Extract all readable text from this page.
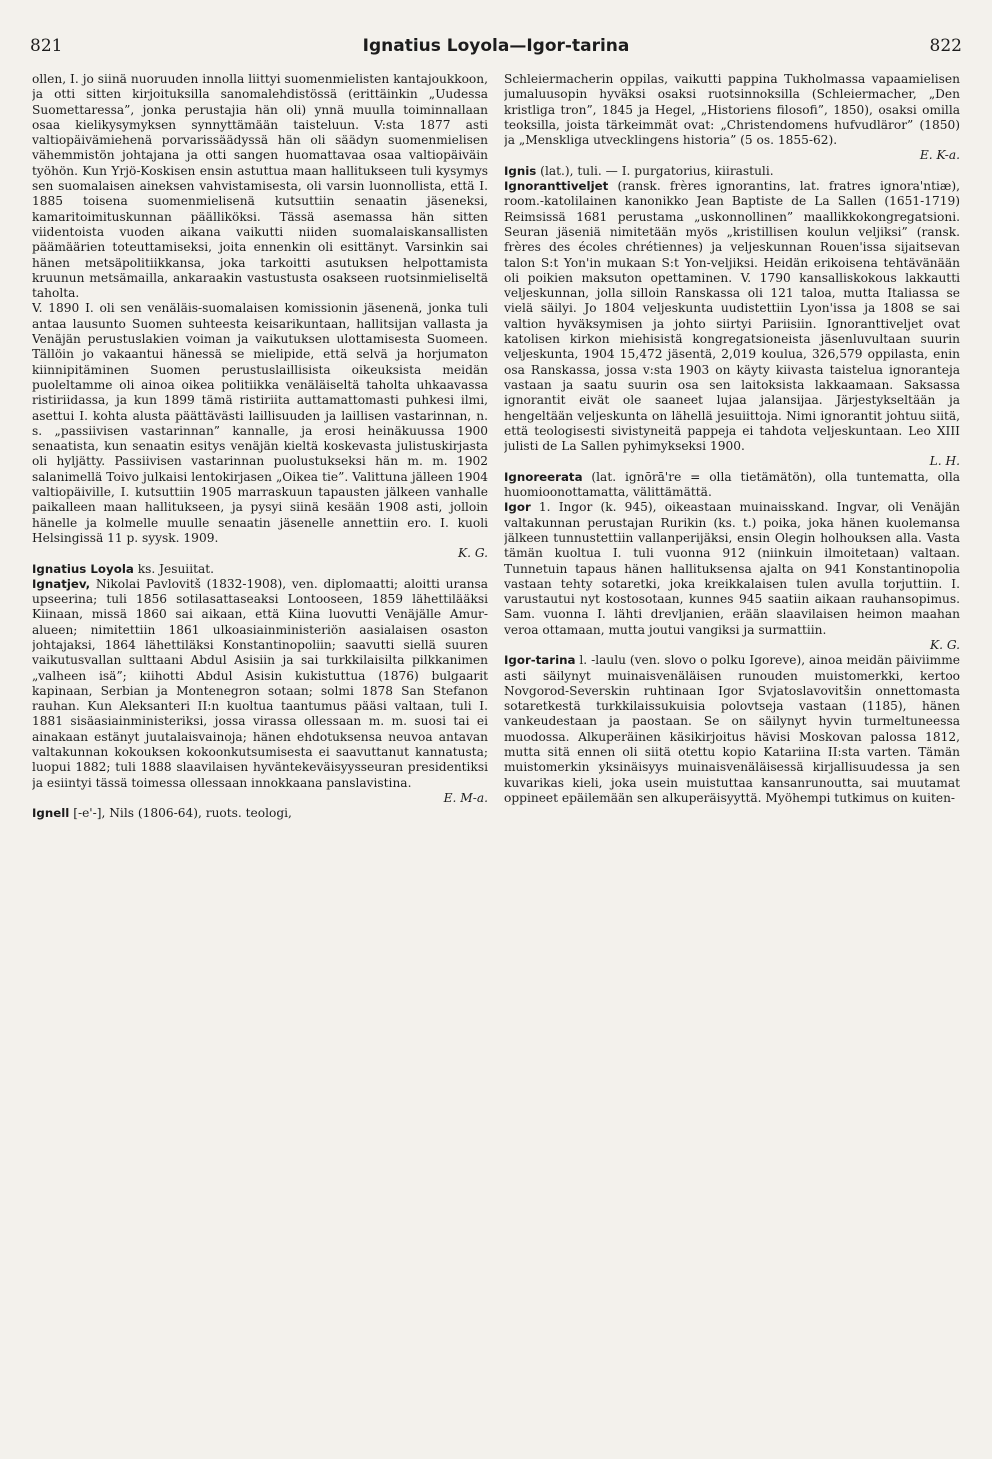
821	Ignatius Loyola—Igor-tarina	822

ollen, I. jo siinä nuoruuden innolla liittyi suomenmielisten kantajoukkoon, ja otti sitten kirjoituksilla sanomalehdistössä (erittäinkin „Uudessa Suomettaressa”, jonka perustajia hän oli) ynnä muulla toiminnallaan osaa kielikysymyksen synnyttämään taisteluun. V:sta 1877 asti valtiopäivämiehenä porvarissäädyssä hän oli säädyn suomenmielisen vähemmistön johtajana ja otti sangen huomattavaa osaa valtiopäiväin työhön. Kun Yrjö-Koskisen ensin astuttua maan hallitukseen tuli kysymys sen suomalaisen aineksen vahvistamisesta, oli varsin luonnollista, että I. 1885 toisena suomenmielisenä kutsuttiin senaatin jäseneksi, kamaritoimituskunnan päälliköksi. Tässä asemassa hän sitten viidentoista vuoden aikana vaikutti niiden suomalaiskansallisten päämäärien toteuttamiseksi, joita ennenkin oli esittänyt. Varsinkin sai hänen metsäpolitiikkansa, joka tarkoitti asutuksen helpottamista kruunun metsämailla, ankaraakin vastustusta osakseen ruotsinmieliseltä taholta.

V. 1890 I. oli sen venäläis-suomalaisen komissionin jäsenenä, jonka tuli antaa lausunto Suomen suhteesta keisarikuntaan, hallitsijan vallasta ja Venäjän perustuslakien voiman ja vaikutuksen ulottamisesta Suomeen. Tällöin jo vakaantui hänessä se mielipide, että selvä ja horjumaton kiinnipitäminen Suomen perustuslaillisista oikeuksista meidän puoleltamme oli ainoa oikea politiikka venäläiseltä taholta uhkaavassa ristiriidassa, ja kun 1899 tämä ristiriita auttamattomasti puhkesi ilmi, asettui I. kohta alusta päättävästi laillisuuden ja laillisen vastarinnan, n. s. „passiivisen vastarinnan” kannalle, ja erosi heinäkuussa 1900 senaatista, kun senaatin esitys venäjän kieltä koskevasta julistuskirjasta oli hyljätty. Passiivisen vastarinnan puolustukseksi hän m. m. 1902 salanimellä Toivo julkaisi lentokirjasen „Oikea tie”. Valittuna jälleen 1904 valtiopäiville, I. kutsuttiin 1905 marraskuun tapausten jälkeen vanhalle paikalleen maan hallitukseen, ja pysyi siinä kesään 1908 asti, jolloin hänelle ja kolmelle muulle senaatin jäsenelle annettiin ero. I. kuoli Helsingissä 11 p. syysk. 1909.

K. G.

Ignatius Loyola ks. Jesuiitat.

Ignatjev, Nikolai Pavlovitš (1832-1908), ven. diplomaatti; aloitti uransa upseerina; tuli 1856 sotilasattaseaksi Lontooseen, 1859 lähettilääksi Kiinaan, missä 1860 sai aikaan, että Kiina luovutti Venäjälle Amur-alueen; nimitettiin 1861 ulkoasiainministeriön aasialaisen osaston johtajaksi, 1864 lähettiläksi Konstantinopoliin; saavutti siellä suuren vaikutusvallan sulttaani Abdul Asisiin ja sai turkkilaisilta pilkkanimen „valheen isä”; kiihotti Abdul Asisin kukistuttua (1876) bulgaarit kapinaan, Serbian ja Montenegron sotaan; solmi 1878 San Stefanon rauhan. Kun Aleksanteri II:n kuoltua taantumus pääsi valtaan, tuli I. 1881 sisäasiainministeriksi, jossa virassa ollessaan m. m. suosi tai ei ainakaan estänyt juutalaisvainoja; hänen ehdotuksensa neuvoa antavan valtakunnan kokouksen kokoonkutsumisesta ei saavuttanut kannatusta; luopui 1882; tuli 1888 slaavilaisen hyväntekeväisyysseuran presidentiksi ja esiintyi tässä toimessa ollessaan innokkaana panslavistina.

E. M-a.

Ignell [-e'-], Nils (1806-64), ruots. teologi,

Schleiermacherin oppilas, vaikutti pappina Tukholmassa vapaamielisen jumaluusopin hyväksi osaksi ruotsinnoksilla (Schleiermacher, „Den kristliga tron”, 1845 ja Hegel, „Historiens filosofi”, 1850), osaksi omilla teoksilla, joista tärkeimmät ovat: „Christendomens hufvudläror” (1850) ja „Menskliga utvecklingens historia” (5 os. 1855-62).

E. K-a.

Ignis (lat.), tuli. — I. purgatorius, kiirastuli.

Ignoranttiveljet (ransk. frères ignorantins, lat. fratres ignora'ntiæ), room.-katolilainen kanonikko Jean Baptiste de La Sallen (1651-1719) Reimsissä 1681 perustama „uskonnollinen” maallikkokongregatsioni. Seuran jäseniä nimitetään myös „kristillisen koulun veljiksi” (ransk. frères des écoles chrétiennes) ja veljeskunnan Rouen'issa sijaitsevan talon S:t Yon'in mukaan S:t Yon-veljiksi. Heidän erikoisena tehtävänään oli poikien maksuton opettaminen. V. 1790 kansalliskokous lakkautti veljeskunnan, jolla silloin Ranskassa oli 121 taloa, mutta Italiassa se vielä säilyi. Jo 1804 veljeskunta uudistettiin Lyon'issa ja 1808 se sai valtion hyväksymisen ja johto siirtyi Pariisiin. Ignoranttiveljet ovat katolisen kirkon miehisistä kongregatsioneista jäsenluvultaan suurin veljeskunta, 1904 15,472 jäsentä, 2,019 koulua, 326,579 oppilasta, enin osa Ranskassa, jossa v:sta 1903 on käyty kiivasta taistelua ignoranteja vastaan ja saatu suurin osa sen laitoksista lakkaamaan. Saksassa ignorantit eivät ole saaneet lujaa jalansijaa. Järjestykseltään ja hengeltään veljeskunta on lähellä jesuiittoja. Nimi ignorantit johtuu siitä, että teologisesti sivistyneitä pappeja ei tahdota veljeskuntaan. Leo XIII julisti de La Sallen pyhimykseksi 1900.

L. H.

Ignoreerata (lat. ignōrā're = olla tietämätön), olla tuntematta, olla huomioonottamatta, välittämättä.

Igor 1. Ingor (k. 945), oikeastaan muinaisskand. Ingvar, oli Venäjän valtakunnan perustajan Rurikin (ks. t.) poika, joka hänen kuolemansa jälkeen tunnustettiin vallanperijäksi, ensin Olegin holhouksen alla. Vasta tämän kuoltua I. tuli vuonna 912 (niinkuin ilmoitetaan) valtaan. Tunnetuin tapaus hänen hallituksensa ajalta on 941 Konstantinopolia vastaan tehty sotaretki, joka kreikkalaisen tulen avulla torjuttiin. I. varustautui nyt kostosotaan, kunnes 945 saatiin aikaan rauhansopimus. Sam. vuonna I. lähti drevljanien, erään slaavilaisen heimon maahan veroa ottamaan, mutta joutui vangiksi ja surmattiin.

K. G.

Igor-tarina l. -laulu (ven. slovo o polku Igoreve), ainoa meidän päiviimme asti säilynyt muinaisvenäläisen runouden muistomerkki, kertoo Novgorod-Severskin ruhtinaan Igor Svjatoslavovitšin onnettomasta sotaretkestä turkkilaissukuisia polovtseja vastaan (1185), hänen vankeudestaan ja paostaan. Se on säilynyt hyvin turmeltuneessa muodossa. Alkuperäinen käsikirjoitus hävisi Moskovan palossa 1812, mutta sitä ennen oli siitä otettu kopio Katariina II:sta varten. Tämän muistomerkin yksinäisyys muinaisvenäläisessä kirjallisuudessa ja sen kuvarikas kieli, joka usein muistuttaa kansanrunoutta, sai muutamat oppineet epäilemään sen alkuperäisyyttä. Myöhempi tutkimus on kuiten-
